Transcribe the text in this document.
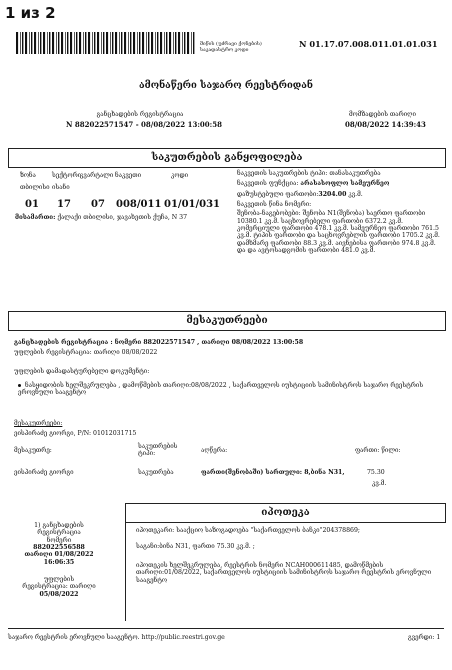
1 из 2
მიწის (უძრავი ქონების) საკადასტრო კოდი
N 01.17.07.008.011.01.01.031
ამონაწერი საჯარო რეესტრიდან
განცხადების რეგისტრაცია
N 882022571547 - 08/08/2022 13:00:58
მომზადების თარიღი
08/08/2022 14:39:43
საკუთრების განყოფილება
ზონა	სექტორი
კვარტალი ნაკვეთი	კოდი
თბილისი ისანი
01 17 07 008/011 01/01/031
მისამართი: ქალაქი თბილისი, ჯავახეთის ქუჩა, N 37
ნაკვეთის საკუთრების ტიპი: თანასაკუთრება
ნაკვეთის ფუნქცია: არასასოფლო სამეურნეო
დაზუსტებული ფართობი:3204.00 კვ.მ.
ნაკვეთის წინა ნომერი:
შენობა-ნაგებობები: შენობა N1(შენობა) საერთო ფართობი 10380.1 კვ.მ. საცხოვრებელი ფართობი 6372.2 კვ.მ. კომერციული ფართობი 478.1 კვ.მ. სამეურნეო ფართობი 761.5 კვ.მ. ტიპის ფართობი და საცხოვრებლის ფართობი 1705.2 კვ.მ. დამხმარე ფართობი 88.3 კვ.მ. აივნებისა ფართობი 974.8 კვ.მ. და და ავტოსადგომის ფართობი 481.0 კვ.მ.
მესაკუთრეები
განცხადების რეგისტრაცია : ნომერი 882022571547 , თარიღი 08/08/2022 13:00:58
უფლების რეგისტრაცია: თარიღი 08/08/2022
უფლების დამადასტურებელი დოკუმენტი:
ნასყიდობის ხელშეკრულება , დამოწმების თარიღი:08/08/2022 , საქართველოს იუსტიციის სამინისტროს საჯარო რეესტრის ეროვნული სააგენტო
მესაკუთრეები:
ეისპირაძე გიორგი, P/N: 01012031715
მესაკუთრე:
საკუთრების ტიპი:	აღწერა:	ფართი: წილი:
ეისპირაძე გიორგი	საკუთრება	ფართი(შენობაში) სართული: 8,ბინა N31,	75.30
კვ.მ.
იპოთეკა
1) განცხადების
რეგისტრაცია
ნომერი
882022556588
თარიღი 01/08/2022
16:06:35
უფლების
რეგისტრაცია: თარიღი
05/08/2022
იპოთეკარი: სააქციო საზოგადოება "საქართველოს ბანკი"204378869;
საგანი:ბინა N31, ფართი 75.30 კვ.მ. ;
იპოთეკის ხელშეკრულება, რეესტრის ნომერი NCAH000611485, დამოწმების თარიღი:01/08/2022, საქართველოს იუსტიციის სამინისტროს საჯარო რეესტრის ეროვნული სააგენტო
საჯარო რეესტრის ეროვნული სააგენტო. http://public.reestri.gov.ge	გვერდი: 1
